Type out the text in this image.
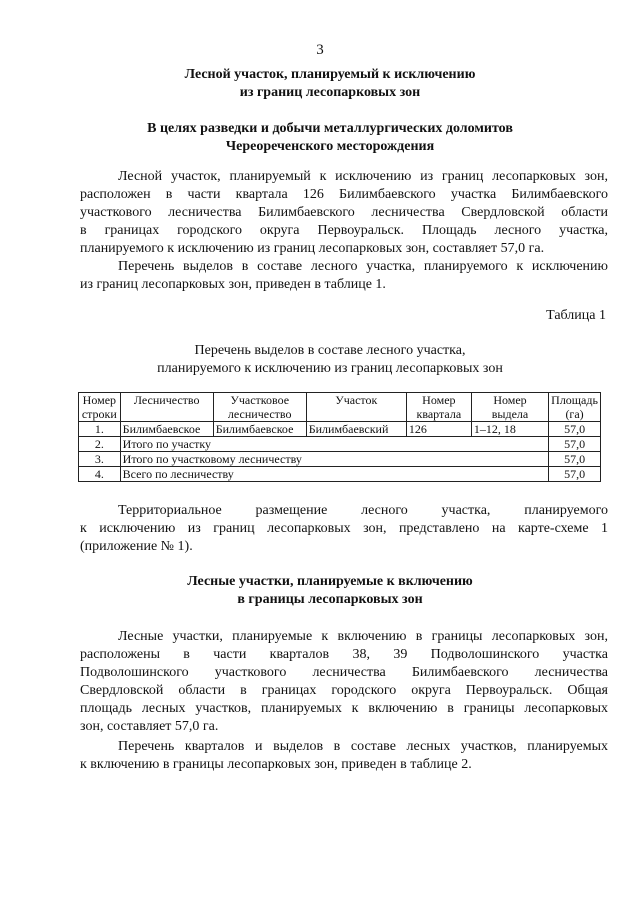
3
Лесной участок, планируемый к исключению
из границ лесопарковых зон
В целях разведки и добычи металлургических доломитов
Череореченского месторождения
Лесной участок, планируемый к исключению из границ лесопарковых зон,
расположен в части квартала 126 Билимбаевского участка Билимбаевского
участкового лесничества Билимбаевского лесничества Свердловской области
в границах городского округа Первоуральск. Площадь лесного участка,
планируемого к исключению из границ лесопарковых зон, составляет 57,0 га.
Перечень выделов в составе лесного участка, планируемого к исключению
из границ лесопарковых зон, приведен в таблице 1.
Таблица 1
Перечень выделов в составе лесного участка,
планируемого к исключению из границ лесопарковых зон
Номер строки	Лесничество	Участковое лесничество	Участок	Номер квартала	Номер выдела	Площадь (га)
1.	Билимбаевское	Билимбаевское	Билимбаевский	126	1–12, 18	57,0
2.	Итого по участку					57,0
3.	Итого по участковому лесничеству					57,0
4.	Всего по лесничеству					57,0
Территориальное размещение лесного участка, планируемого
к исключению из границ лесопарковых зон, представлено на карте-схеме 1
(приложение № 1).
Лесные участки, планируемые к включению
в границы лесопарковых зон
Лесные участки, планируемые к включению в границы лесопарковых зон,
расположены в части кварталов 38, 39 Подволошинского участка
Подволошинского участкового лесничества Билимбаевского лесничества
Свердловской области в границах городского округа Первоуральск. Общая
площадь лесных участков, планируемых к включению в границы лесопарковых
зон, составляет 57,0 га.
Перечень кварталов и выделов в составе лесных участков, планируемых
к включению в границы лесопарковых зон, приведен в таблице 2.
